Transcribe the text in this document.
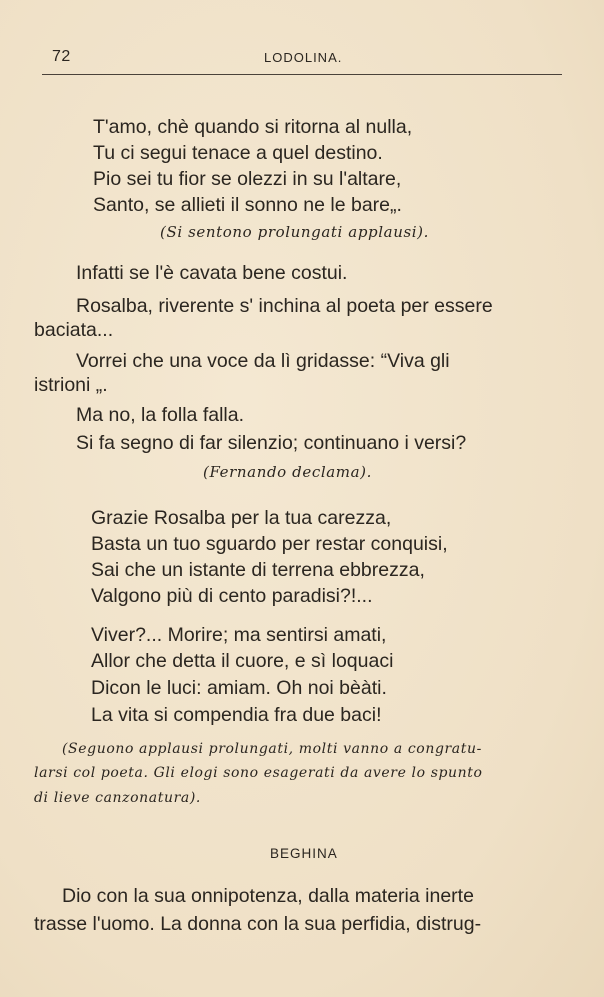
72	LODOLINA.
T'amo, chè quando si ritorna al nulla,
Tu ci segui tenace a quel destino.
Pio sei tu fior se olezzi in su l'altare,
Santo, se allieti il sonno ne le bare„.
(Si sentono prolungati applausi).
Infatti se l'è cavata bene costui.
Rosalba, riverente s' inchina al poeta per essere
baciata...
Vorrei che una voce da lì gridasse: “Viva gli
istrioni „.
Ma no, la folla falla.
Si fa segno di far silenzio; continuano i versi?
(Fernando declama).
Grazie Rosalba per la tua carezza,
Basta un tuo sguardo per restar conquisi,
Sai che un istante di terrena ebbrezza,
Valgono più di cento paradisi?!...
Viver?... Morire; ma sentirsi amati,
Allor che detta il cuore, e sì loquaci
Dicon le luci: amiam. Oh noi bèàti.
La vita si compendia fra due baci!
(Seguono applausi prolungati, molti vanno a congratu-
larsi col poeta. Gli elogi sono esagerati da avere lo spunto
di lieve canzonatura).
BEGHINA
Dio con la sua onnipotenza, dalla materia inerte
trasse l'uomo. La donna con la sua perfidia, distrug-
